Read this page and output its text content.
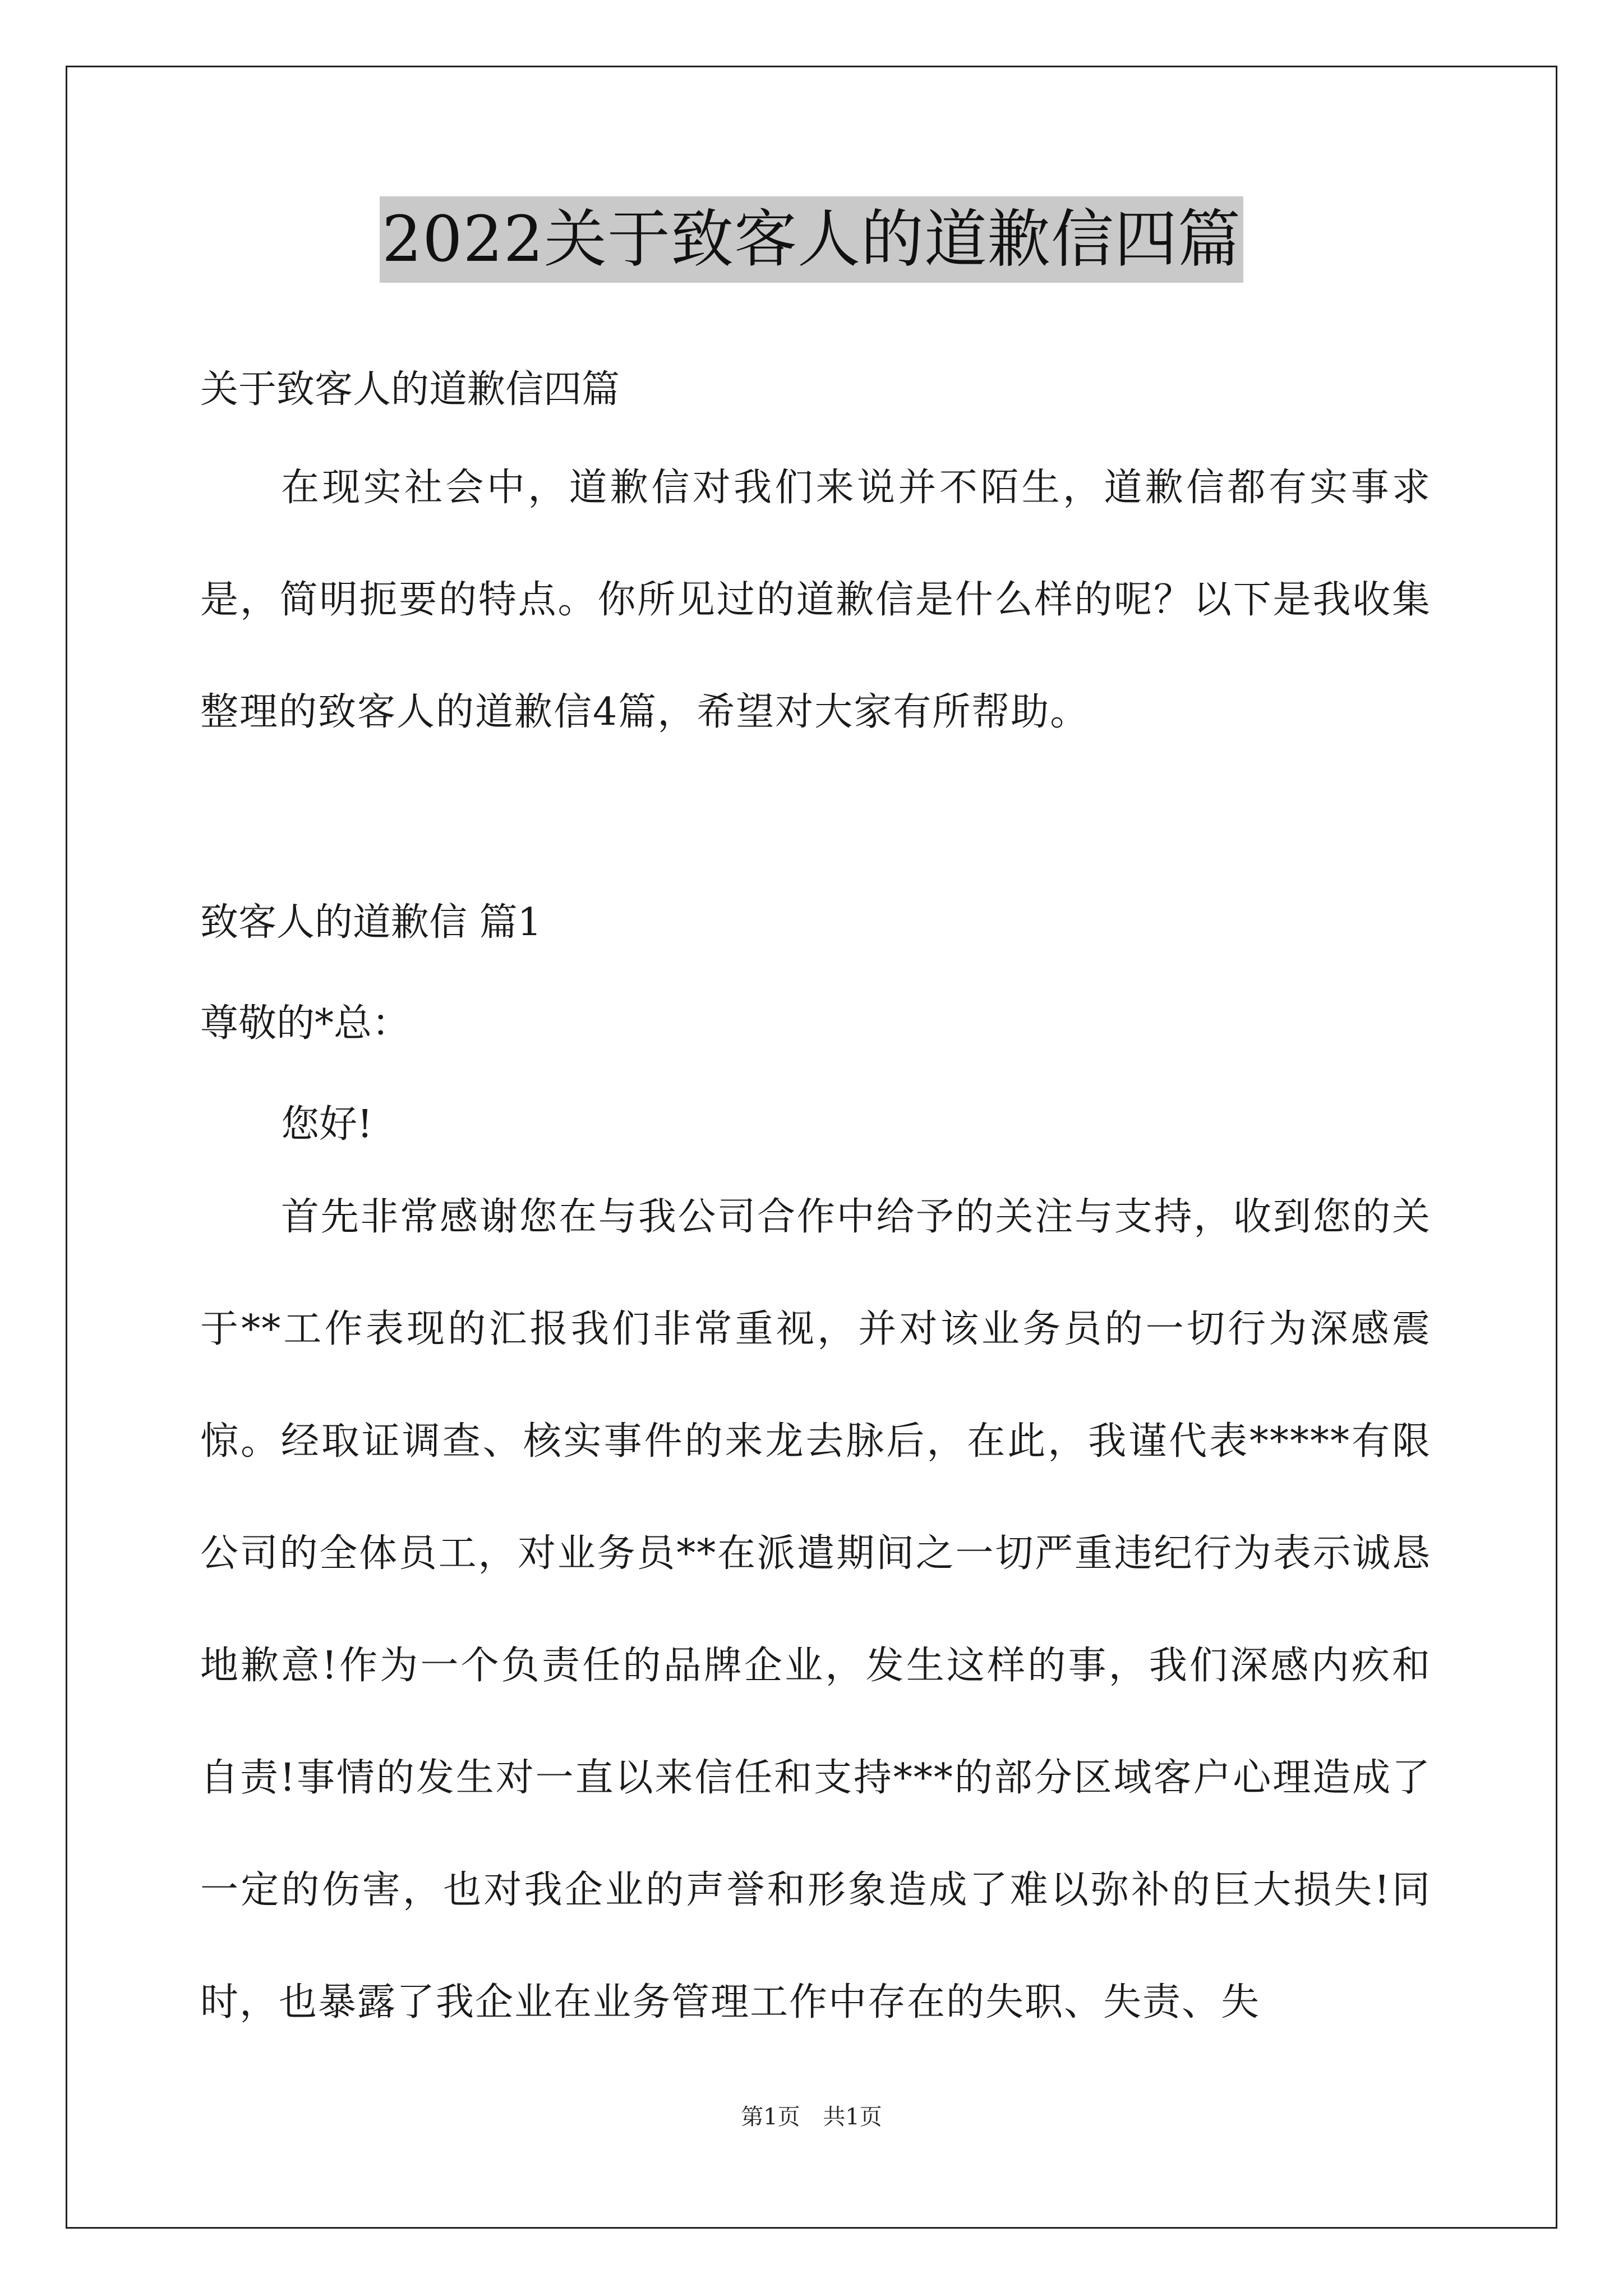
2022关于致客人的道歉信四篇
关于致客人的道歉信四篇
在现实社会中，道歉信对我们来说并不陌生，道歉信都有实事求是，简明扼要的特点。你所见过的道歉信是什么样的呢？以下是我收集整理的致客人的道歉信4篇，希望对大家有所帮助。
致客人的道歉信 篇1
尊敬的*总：
您好!
首先非常感谢您在与我公司合作中给予的关注与支持，收到您的关于**工作表现的汇报我们非常重视，并对该业务员的一切行为深感震惊。经取证调查、核实事件的来龙去脉后，在此，我谨代表*****有限公司的全体员工，对业务员**在派遣期间之一切严重违纪行为表示诚恳地歉意!作为一个负责任的品牌企业，发生这样的事，我们深感内疚和自责!事情的发生对一直以来信任和支持***的部分区域客户心理造成了一定的伤害，也对我企业的声誉和形象造成了难以弥补的巨大损失!同时，也暴露了我企业在业务管理工作中存在的失职、失责、失
第1页 共1页
